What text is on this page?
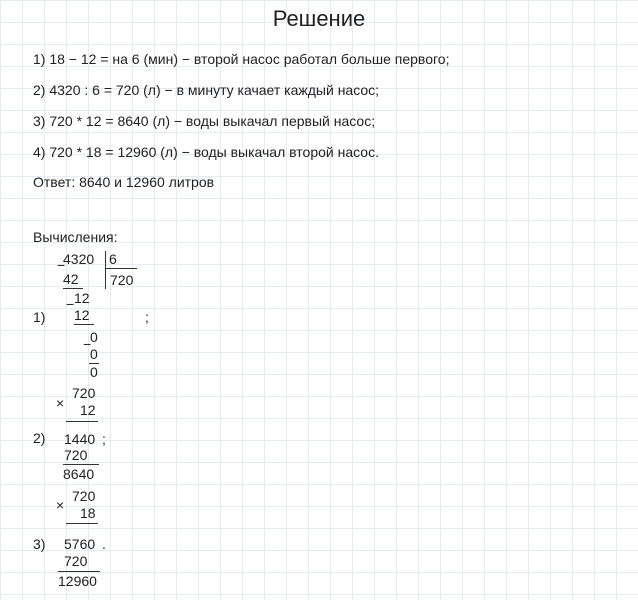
Решение
1) 18 − 12 = на 6 (мин) − второй насос работал больше первого;
2) 4320 : 6 = 720 (л) − в минуту качает каждый насос;
3) 720 * 12 = 8640 (л) − воды выкачал первый насос;
4) 720 * 18 = 12960 (л) − воды выкачал второй насос.
Ответ: 8640 и 12960 литров
Вычисления:
−
4320 6
720
42
− 12
12
1)	;
−
0
0
0
720
× 12
2) 1440 ;
720
8640
720
× 18
3) 5760 .
720
12960
